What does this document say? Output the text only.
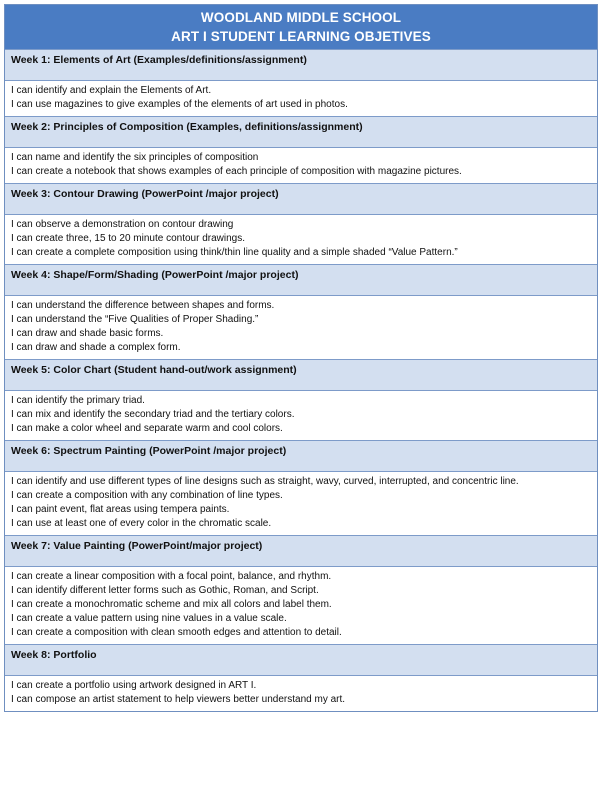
WOODLAND MIDDLE SCHOOL
ART I STUDENT LEARNING OBJETIVES
Week 1: Elements of Art (Examples/definitions/assignment)
I can identify and explain the Elements of Art.
I can use magazines to give examples of the elements of art used in photos.
Week 2: Principles of Composition (Examples, definitions/assignment)
I can name and identify the six principles of composition
I can create a notebook that shows examples of each principle of composition with magazine pictures.
Week 3: Contour Drawing (PowerPoint /major project)
I can observe a demonstration on contour drawing
I can create three, 15 to 20 minute contour drawings.
I can create a complete composition using think/thin line quality and a simple shaded “Value Pattern.”
Week 4: Shape/Form/Shading (PowerPoint /major project)
I can understand the difference between shapes and forms.
I can understand the “Five Qualities of Proper Shading.”
I can draw and shade basic forms.
I can draw and shade a complex form.
Week 5: Color Chart (Student hand-out/work assignment)
I can identify the primary triad.
I can mix and identify the secondary triad and the tertiary colors.
I can make a color wheel and separate warm and cool colors.
Week 6: Spectrum Painting (PowerPoint /major project)
I can identify and use different types of line designs such as straight, wavy, curved, interrupted, and concentric line.
I can create a composition with any combination of line types.
I can paint event, flat areas using tempera paints.
I can use at least one of every color in the chromatic scale.
Week 7: Value Painting (PowerPoint/major project)
I can create a linear composition with a focal point, balance, and rhythm.
I can identify different letter forms such as Gothic, Roman, and Script.
I can create a monochromatic scheme and mix all colors and label them.
I can create a value pattern using nine values in a value scale.
I can create a composition with clean smooth edges and attention to detail.
Week 8: Portfolio
I can create a portfolio using artwork designed in ART I.
I can compose an artist statement to help viewers better understand my art.
